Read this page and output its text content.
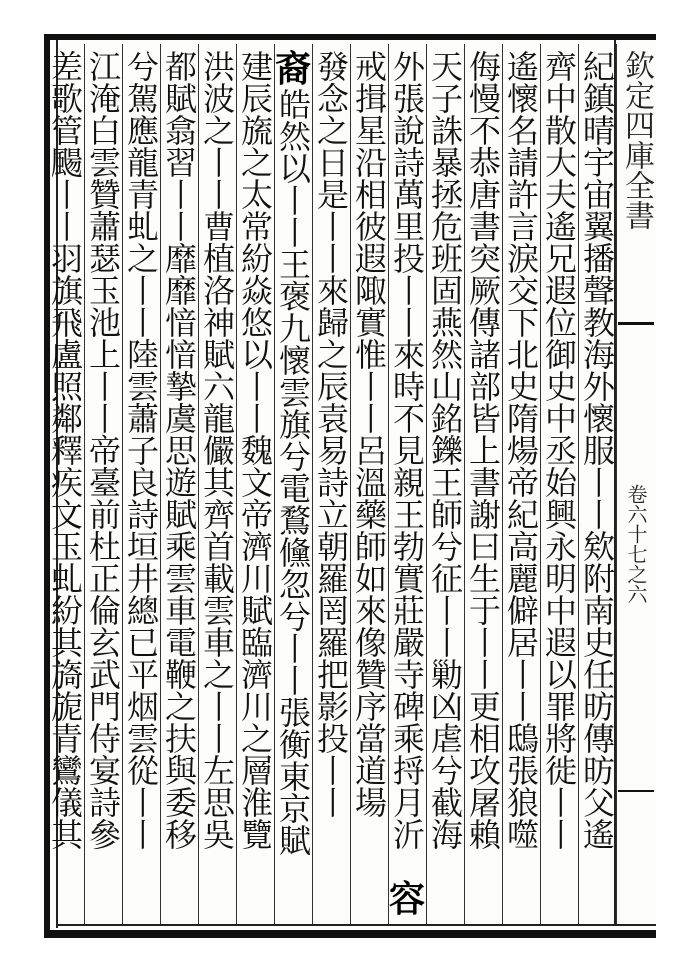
欽定四庫全書
卷六十七之六
紀鎮晴宇宙翼播聲教海外懷服丨丨欸附南史任昉傳昉父遙
齊中散大夫遙兄遐位御史中丞始興永明中遐以罪將徙丨丨
遙懷名請許言淚交下北史隋煬帝紀高麗僻居丨丨鴟張狼噬
侮慢不恭唐書突厥傳諸部皆上書謝曰生于丨丨更相攻屠賴
天子誅暴拯危班固燕然山銘鑠王師兮征丨丨勦凶虐兮截海
外張說詩萬里投丨丨來時不見親王勃實莊嚴寺碑乘捋月沂
戒揖星沿相彼遐陬實惟丨丨呂溫藥師如來像贊序當道場
發念之日是丨丨來歸之辰袁易詩立朝羅罔羅把影投丨丨
皓然以丨丨王褒九懷雲旗兮電鶩儵忽兮丨丨張衡東京賦
建辰旒之太常紛焱悠以丨丨魏文帝濟川賦臨濟川之層淮覽
洪波之丨丨曹植洛神賦六龍儼其齊首載雲車之丨丨左思吳
都賦翕習丨丨靡靡愔愔摯虞思遊賦乘雲車電鞭之扶與委移
兮駕應龍青虬之丨丨陸雲蕭子良詩垣井總已平烟雲從丨丨
江淹白雲贊蕭瑟玉池上丨丨帝臺前杜正倫玄武門侍宴詩參
差歌管颺丨丨羽旗飛盧照鄰釋疾文玉虬紛其旖旎青鸞儀其	裔
容
